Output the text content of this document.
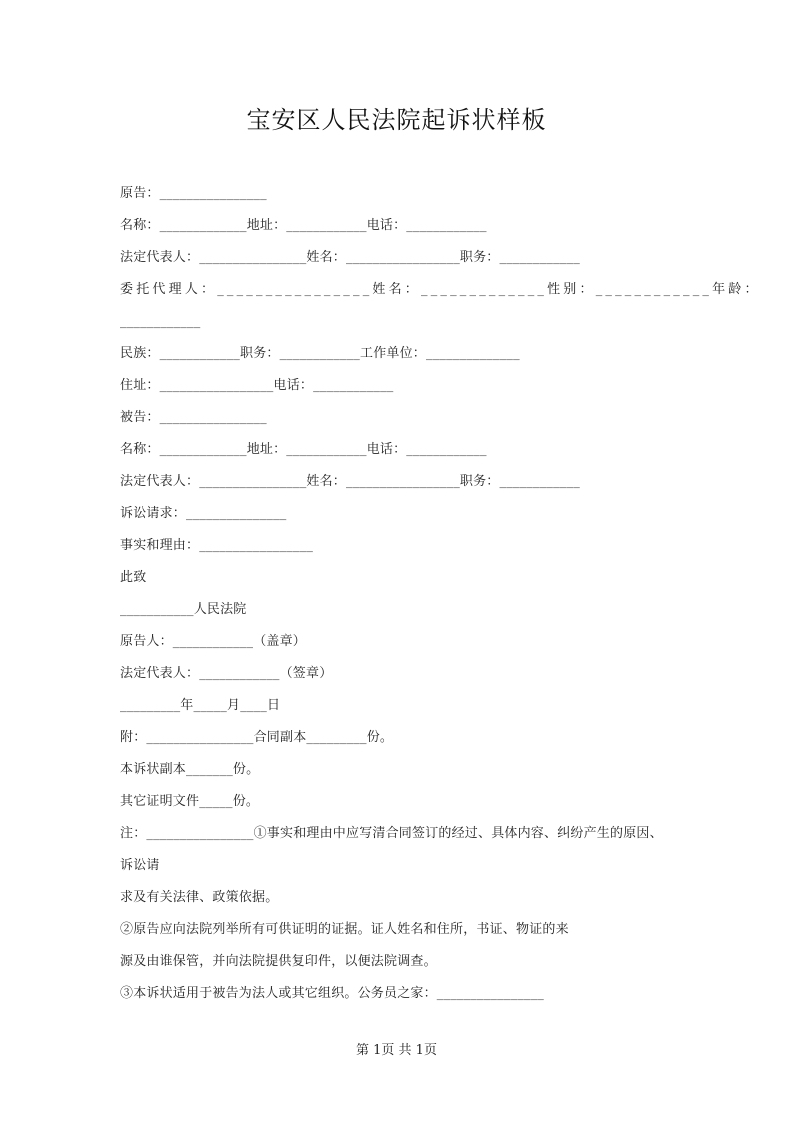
宝安区人民法院起诉状样板
原告：________________
名称：_____________地址：____________电话：____________
法定代表人：________________姓名：_________________职务：____________
委托代理人：________________姓名：_____________性别：____________年龄：
____________
民族：____________职务：____________工作单位：______________
住址：_________________电话：____________
被告：________________
名称：_____________地址：____________电话：____________
法定代表人：________________姓名：_________________职务：____________
诉讼请求：_______________
事实和理由：_________________
此致
___________人民法院
原告人：____________（盖章）
法定代表人：____________（签章）
_________年_____月____日
附：________________合同副本_________份。
本诉状副本_______份。
其它证明文件_____份。
注：________________①事实和理由中应写清合同签订的经过、具体内容、纠纷产生的原因、
诉讼请
求及有关法律、政策依据。
②原告应向法院列举所有可供证明的证据。证人姓名和住所，书证、物证的来
源及由谁保管，并向法院提供复印件，以便法院调查。
③本诉状适用于被告为法人或其它组织。公务员之家：________________
第 1页 共 1页
